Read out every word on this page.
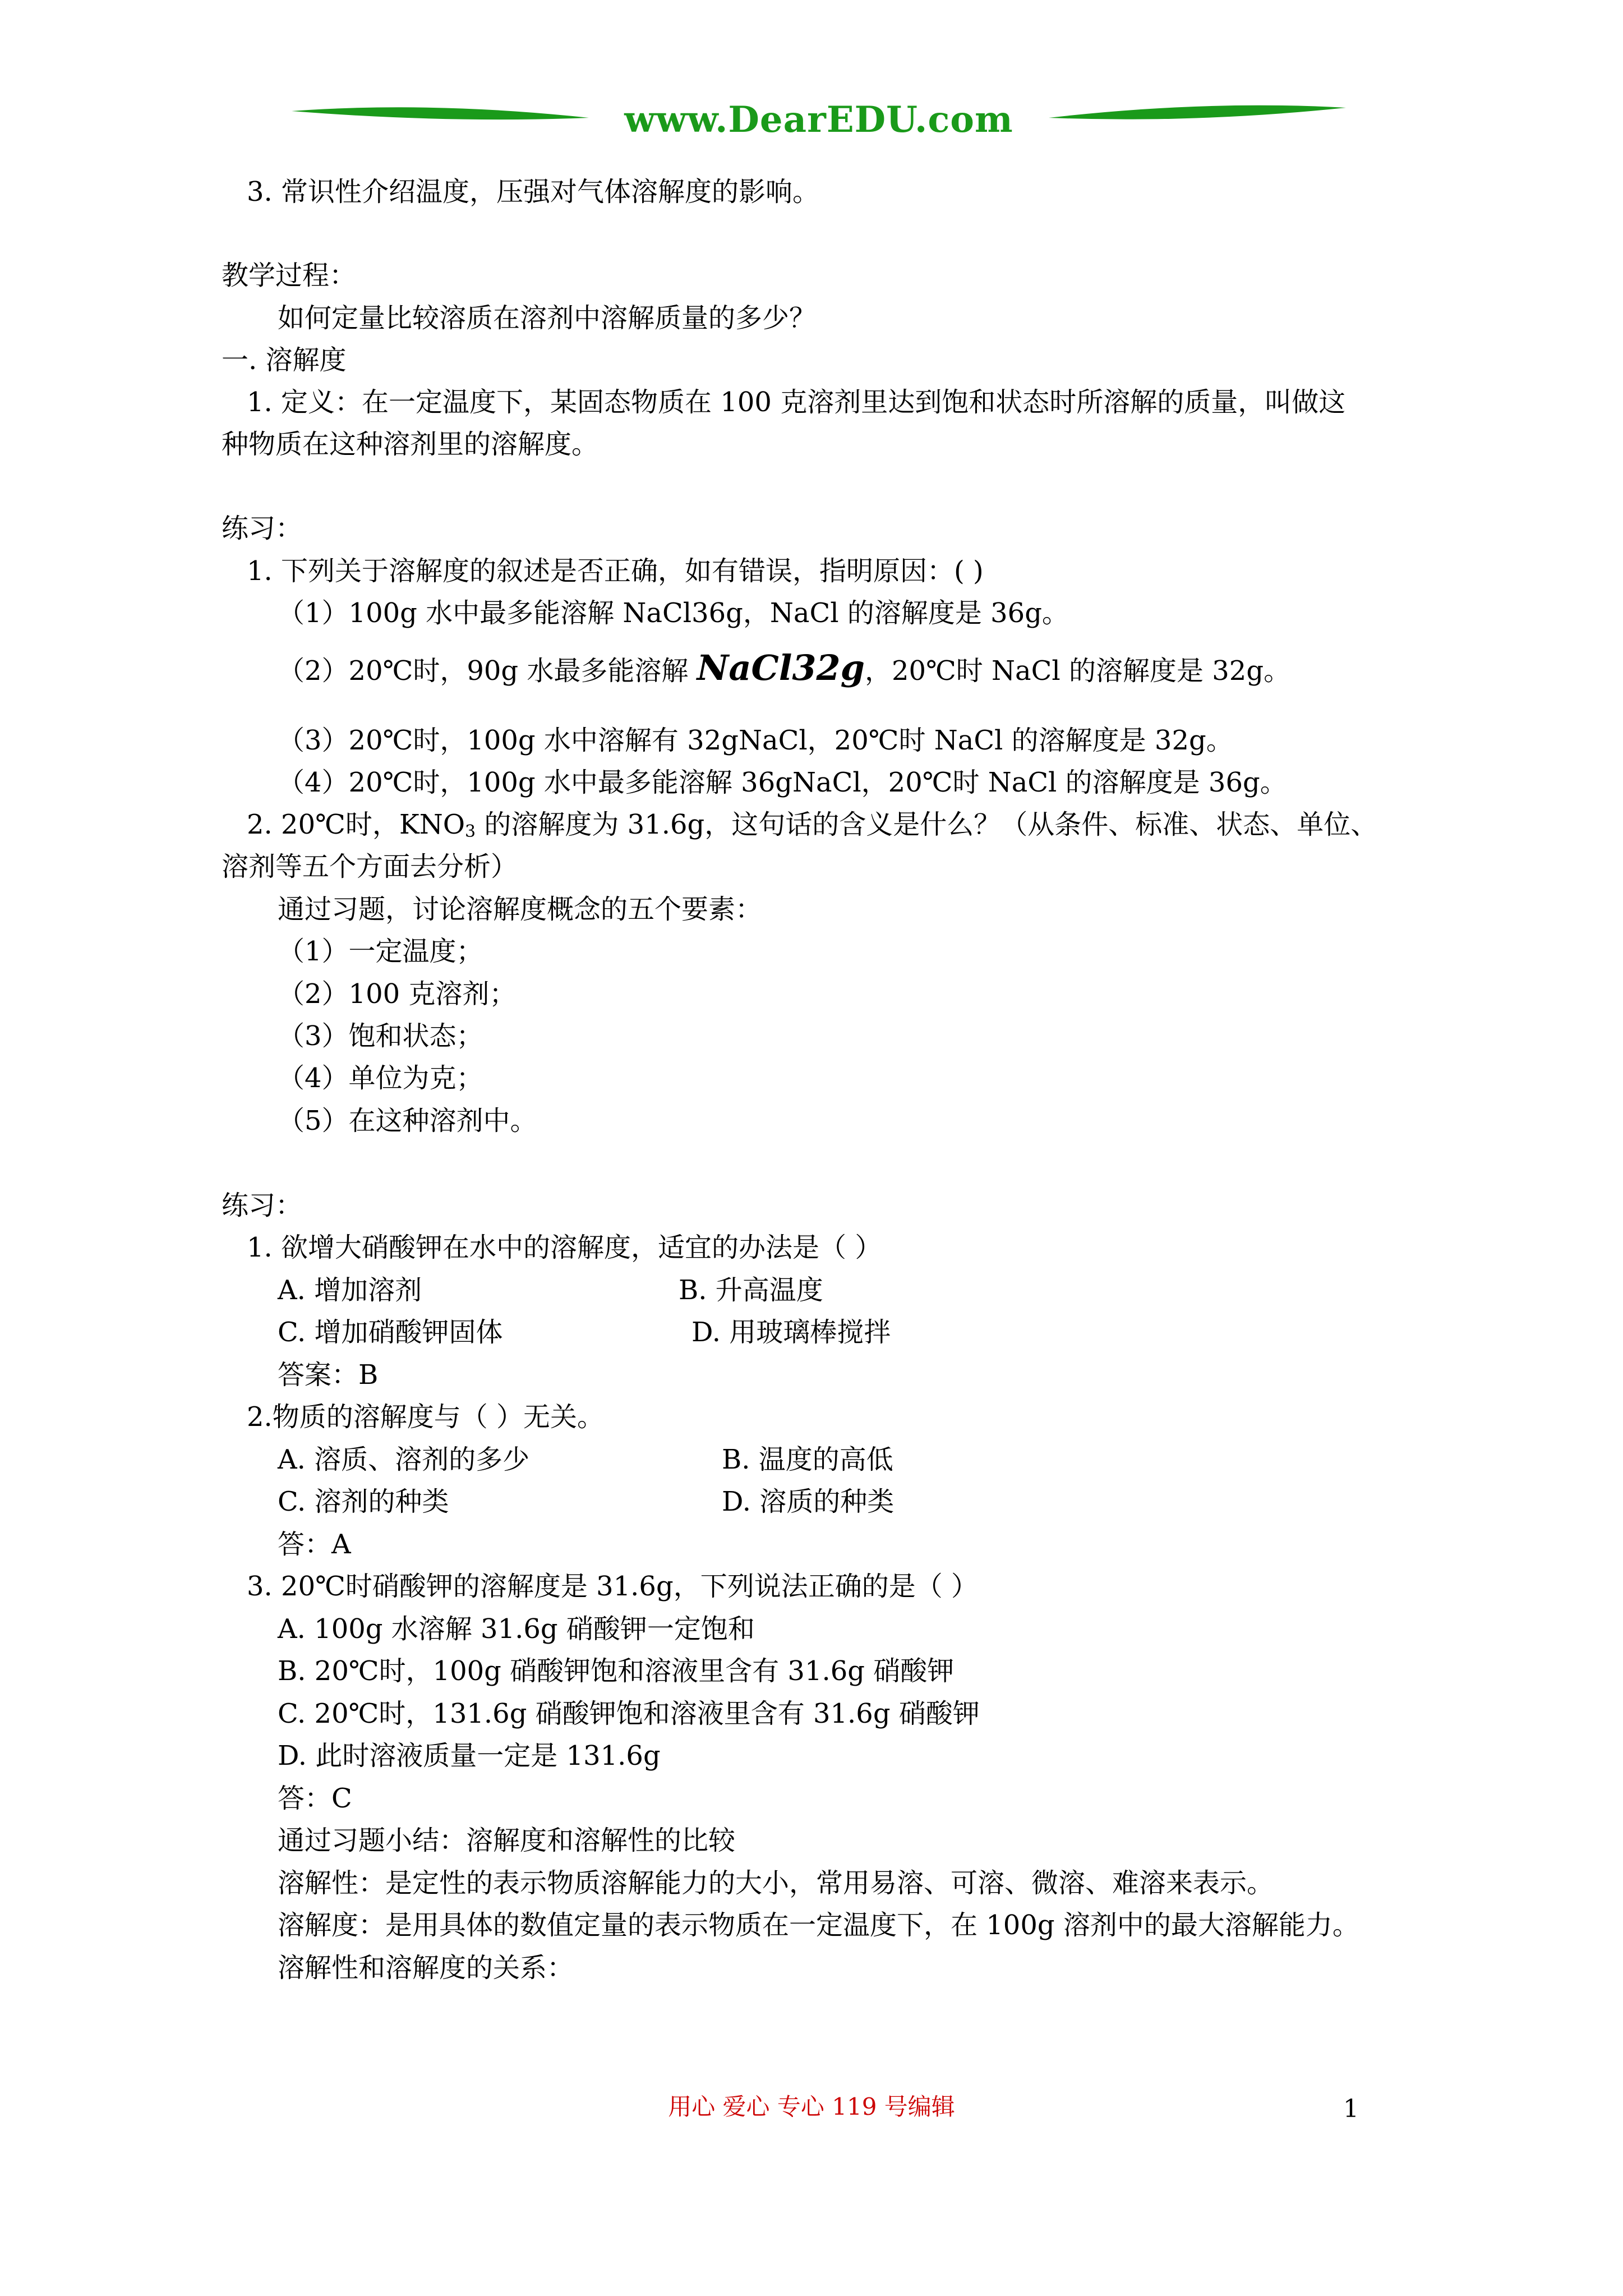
www.DearEDU.com
3. 常识性介绍温度，压强对气体溶解度的影响。
教学过程：
如何定量比较溶质在溶剂中溶解质量的多少？
一. 溶解度
1. 定义：在一定温度下，某固态物质在 100 克溶剂里达到饱和状态时所溶解的质量，叫做这
种物质在这种溶剂里的溶解度。
练习：
1. 下列关于溶解度的叙述是否正确，如有错误，指明原因：( )
（1）100g 水中最多能溶解 NaCl36g，NaCl 的溶解度是 36g。
（2）20℃时，90g 水最多能溶解 NaCl32g，20℃时 NaCl 的溶解度是 32g。
（3）20℃时，100g 水中溶解有 32gNaCl，20℃时 NaCl 的溶解度是 32g。
（4）20℃时，100g 水中最多能溶解 36gNaCl，20℃时 NaCl 的溶解度是 36g。
2. 20℃时，$KNO_3$ 的溶解度为 31.6g，这句话的含义是什么？（从条件、标准、状态、单位、
溶剂等五个方面去分析）
通过习题，讨论溶解度概念的五个要素：
（1）一定温度；
（2）100 克溶剂；
（3）饱和状态；
（4）单位为克；
（5）在这种溶剂中。
练习：
1. 欲增大硝酸钾在水中的溶解度，适宜的办法是（ ）
A. 增加溶剂	B. 升高温度
C. 增加硝酸钾固体	D. 用玻璃棒搅拌
答案：B
2.物质的溶解度与（ ）无关。
A. 溶质、溶剂的多少	B. 温度的高低
C. 溶剂的种类	D. 溶质的种类
答：A
3. 20℃时硝酸钾的溶解度是 31.6g，下列说法正确的是（ ）
A. 100g 水溶解 31.6g 硝酸钾一定饱和
B. 20℃时，100g 硝酸钾饱和溶液里含有 31.6g 硝酸钾
C. 20℃时，131.6g 硝酸钾饱和溶液里含有 31.6g 硝酸钾
D. 此时溶液质量一定是 131.6g
答：C
通过习题小结：溶解度和溶解性的比较
溶解性：是定性的表示物质溶解能力的大小，常用易溶、可溶、微溶、难溶来表示。
溶解度：是用具体的数值定量的表示物质在一定温度下，在 100g 溶剂中的最大溶解能力。
溶解性和溶解度的关系：
用心 爱心 专心 119 号编辑	1
